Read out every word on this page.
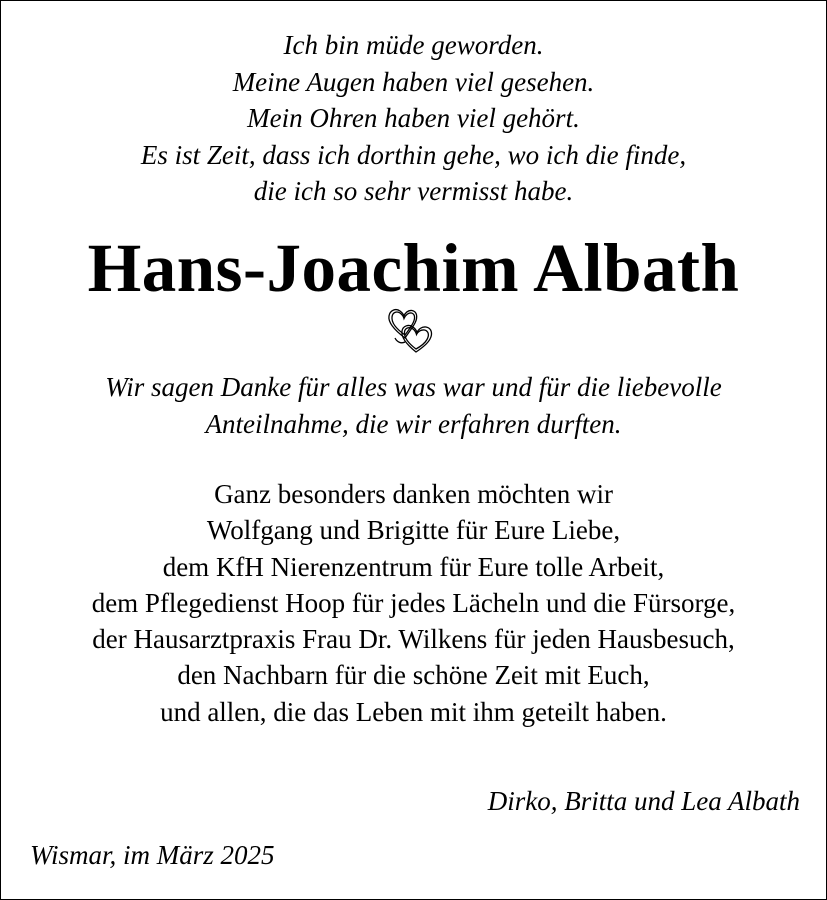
Ich bin müde geworden.
Meine Augen haben viel gesehen.
Mein Ohren haben viel gehört.
Es ist Zeit, dass ich dorthin gehe, wo ich die finde,
die ich so sehr vermisst habe.
Hans-Joachim Albath
Wir sagen Danke für alles was war und für die liebevolle
Anteilnahme, die wir erfahren durften.
Ganz besonders danken möchten wir
Wolfgang und Brigitte für Eure Liebe,
dem KfH Nierenzentrum für Eure tolle Arbeit,
dem Pflegedienst Hoop für jedes Lächeln und die Fürsorge,
der Hausarztpraxis Frau Dr. Wilkens für jeden Hausbesuch,
den Nachbarn für die schöne Zeit mit Euch,
und allen, die das Leben mit ihm geteilt haben.
Dirko, Britta und Lea Albath
Wismar, im März 2025
